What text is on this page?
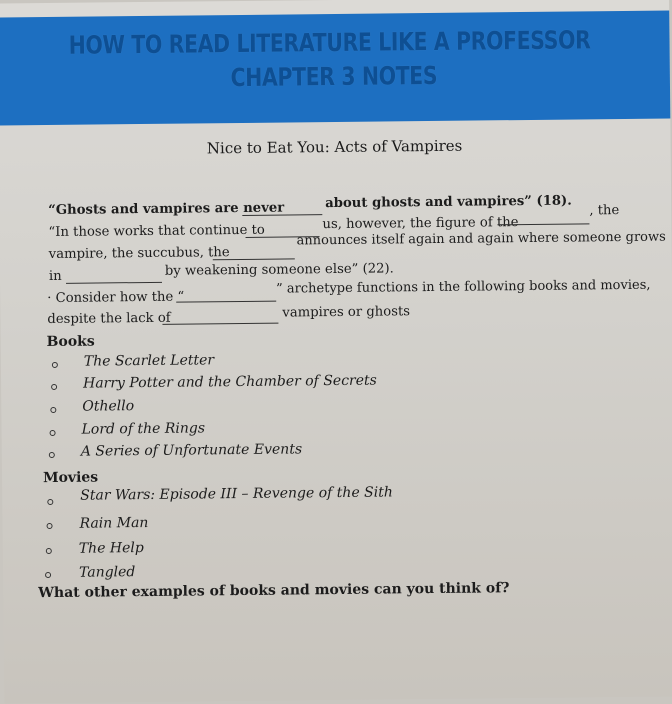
HOW TO READ LITERATURE LIKE A PROFESSOR
CHAPTER 3 NOTES
Nice to Eat You: Acts of Vampires
“Ghosts and vampires are never	about ghosts and vampires” (18).
“In those works that continue to	us, however, the figure of the
, the
vampire, the succubus, the
announces itself again and again where someone grows
in	by weakening someone else” (22).
· Consider how the “
” archetype functions in the following books and movies,
despite the lack of	vampires or ghosts
Books
The Scarlet Letter
Harry Potter and the Chamber of Secrets
Othello
Lord of the Rings
A Series of Unfortunate Events
Movies
Star Wars: Episode III – Revenge of the Sith
Rain Man
The Help
Tangled
What other examples of books and movies can you think of?
